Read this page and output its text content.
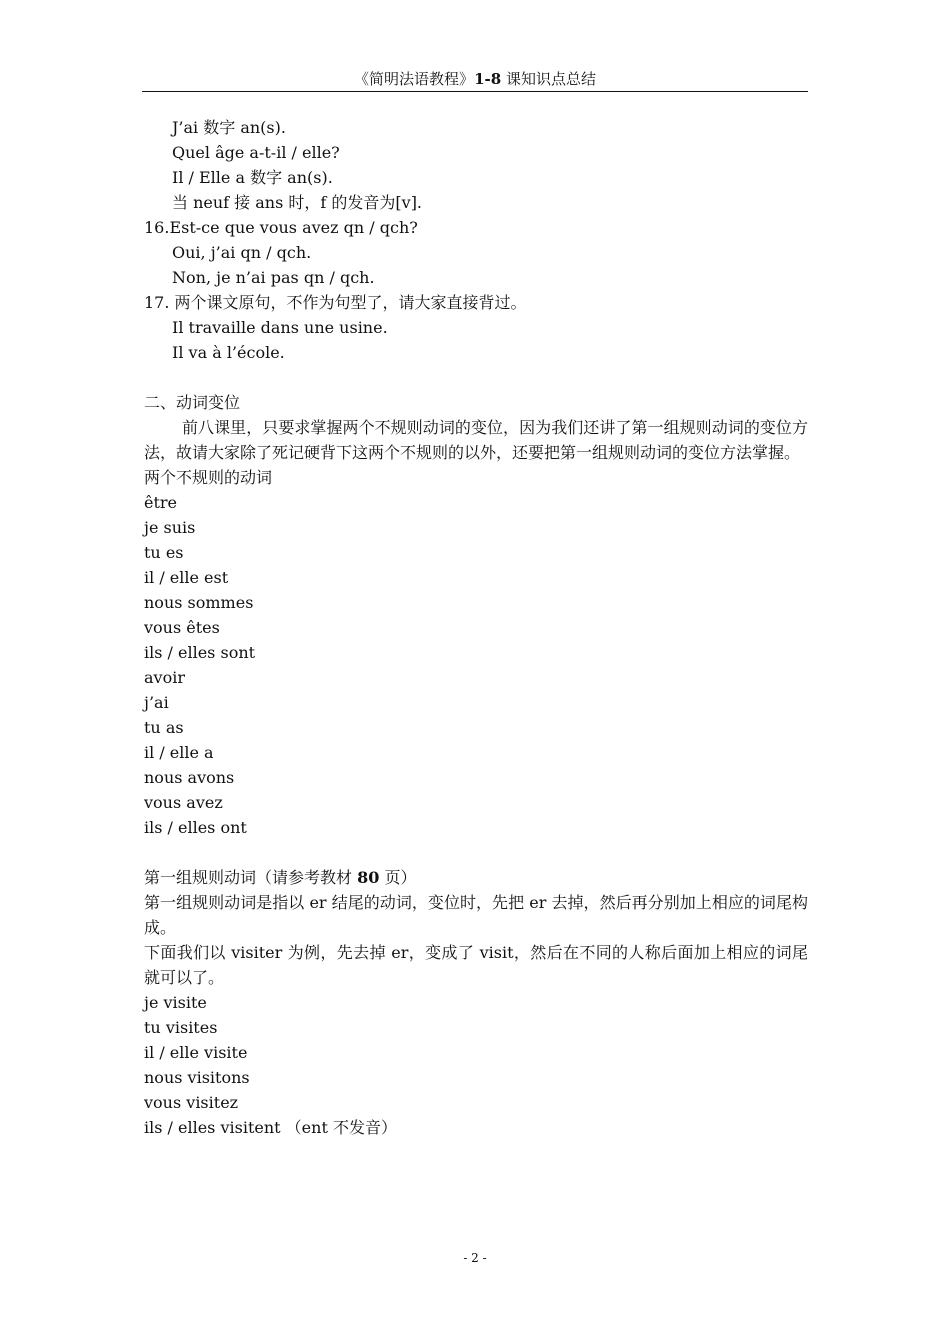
《简明法语教程》1-8 课知识点总结
J’ai 数字 an(s).
Quel âge a-t-il / elle?
Il / Elle a 数字 an(s).
当 neuf 接 ans 时，f 的发音为[v].
16.Est-ce que vous avez qn / qch?
Oui, j’ai qn / qch.
Non, je n’ai pas qn / qch.
17. 两个课文原句，不作为句型了，请大家直接背过。
Il travaille dans une usine.
Il va à l’école.
二、动词变位
前八课里，只要求掌握两个不规则动词的变位，因为我们还讲了第一组规则动词的变位方法，故请大家除了死记硬背下这两个不规则的以外，还要把第一组规则动词的变位方法掌握。
两个不规则的动词
être
je suis
tu es
il / elle est
nous sommes
vous êtes
ils / elles sont
avoir
j’ai
tu as
il / elle a
nous avons
vous avez
ils / elles ont
第一组规则动词（请参考教材 80 页）
第一组规则动词是指以 er 结尾的动词，变位时，先把 er 去掉，然后再分别加上相应的词尾构成。
下面我们以 visiter 为例，先去掉 er，变成了 visit，然后在不同的人称后面加上相应的词尾就可以了。
je visite
tu visites
il / elle visite
nous visitons
vous visitez
ils / elles visitent （ent 不发音）
- 2 -
